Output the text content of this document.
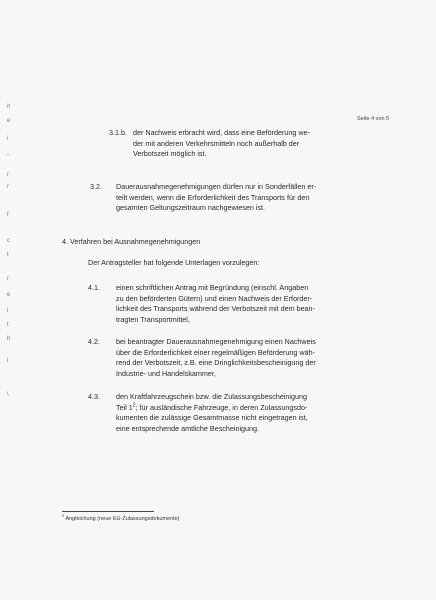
it
e
i
-
r
r
f
c
t
r
e
i
t
h
i
\
Seite 4 von 5
3.1.b. der Nachweis erbracht wird, dass eine Beförderung we-
der mit anderen Verkehrsmitteln noch außerhalb der
Verbotszeit möglich ist.

3.2. Dauerausnahmegenehmigungen dürfen nur in Sonderfällen er-
teilt werden, wenn die Erforderlichkeit des Transports für den
gesamten Geltungszeitraum nachgewiesen ist.

4. Verfahren bei Ausnahmegenehmigungen
Der Antragsteller hat folgende Unterlagen vorzulegen:
4.1. einen schriftlichen Antrag mit Begründung (einschl. Angaben
zu den beförderten Gütern) und einen Nachweis der Erforder-
lichkeit des Transports während der Verbotszeit mit dem bean-
tragten Transportmittel,

4.2. bei beantragter Dauerausnahmegenehmigung einen Nachweis
über die Erforderlichkeit einer regelmäßigen Beförderung wäh-
rend der Verbotszeit, z.B. eine Dringlichkeitsbescheinigung der
Industrie- und Handelskammer,

4.3. den Kraftfahrzeugschein bzw. die Zulassungsbescheinigung
Teil $1^2$; für ausländische Fahrzeuge, in deren Zulassungsdo-
kumenten die zulässige Gesamtmasse nicht eingetragen ist,
eine entsprechende amtliche Bescheinigung.

$^2$ Angleichung (neue EU-Zulassungsdokumente)
